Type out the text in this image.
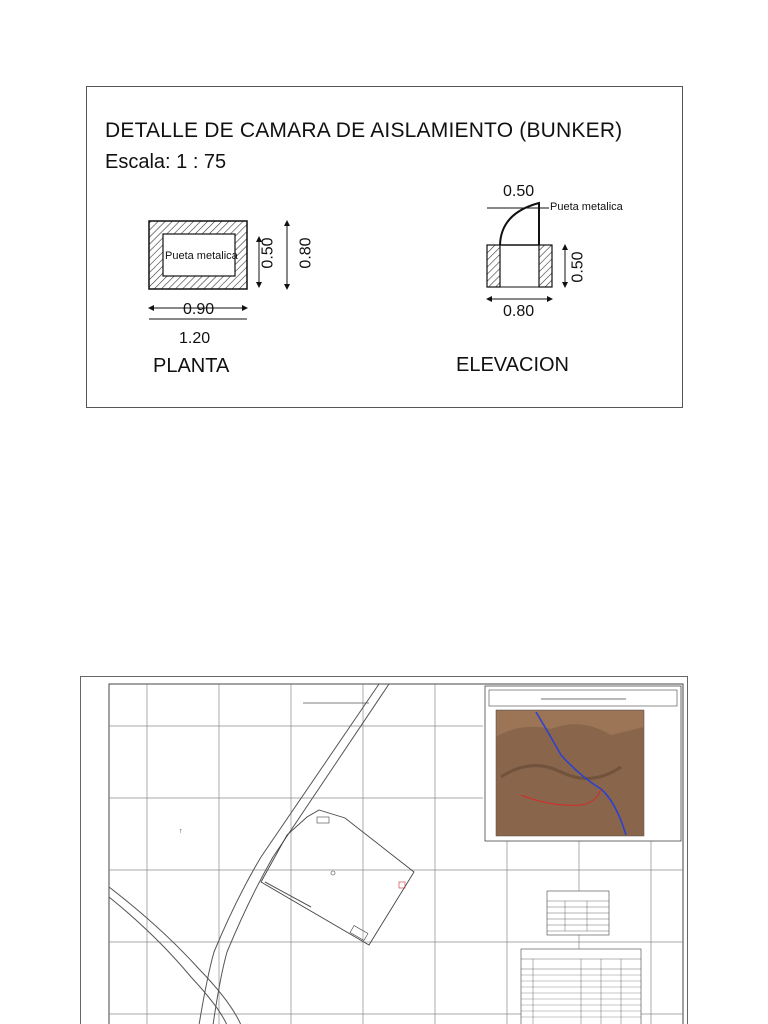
DETALLE DE CAMARA DE AISLAMIENTO (BUNKER)
Escala: 1 : 75
Pueta metalica
0.90
1.20
0.50 0.80
PLANTA
0.50
Pueta metalica
0.50
0.80
ELEVACION
↑
